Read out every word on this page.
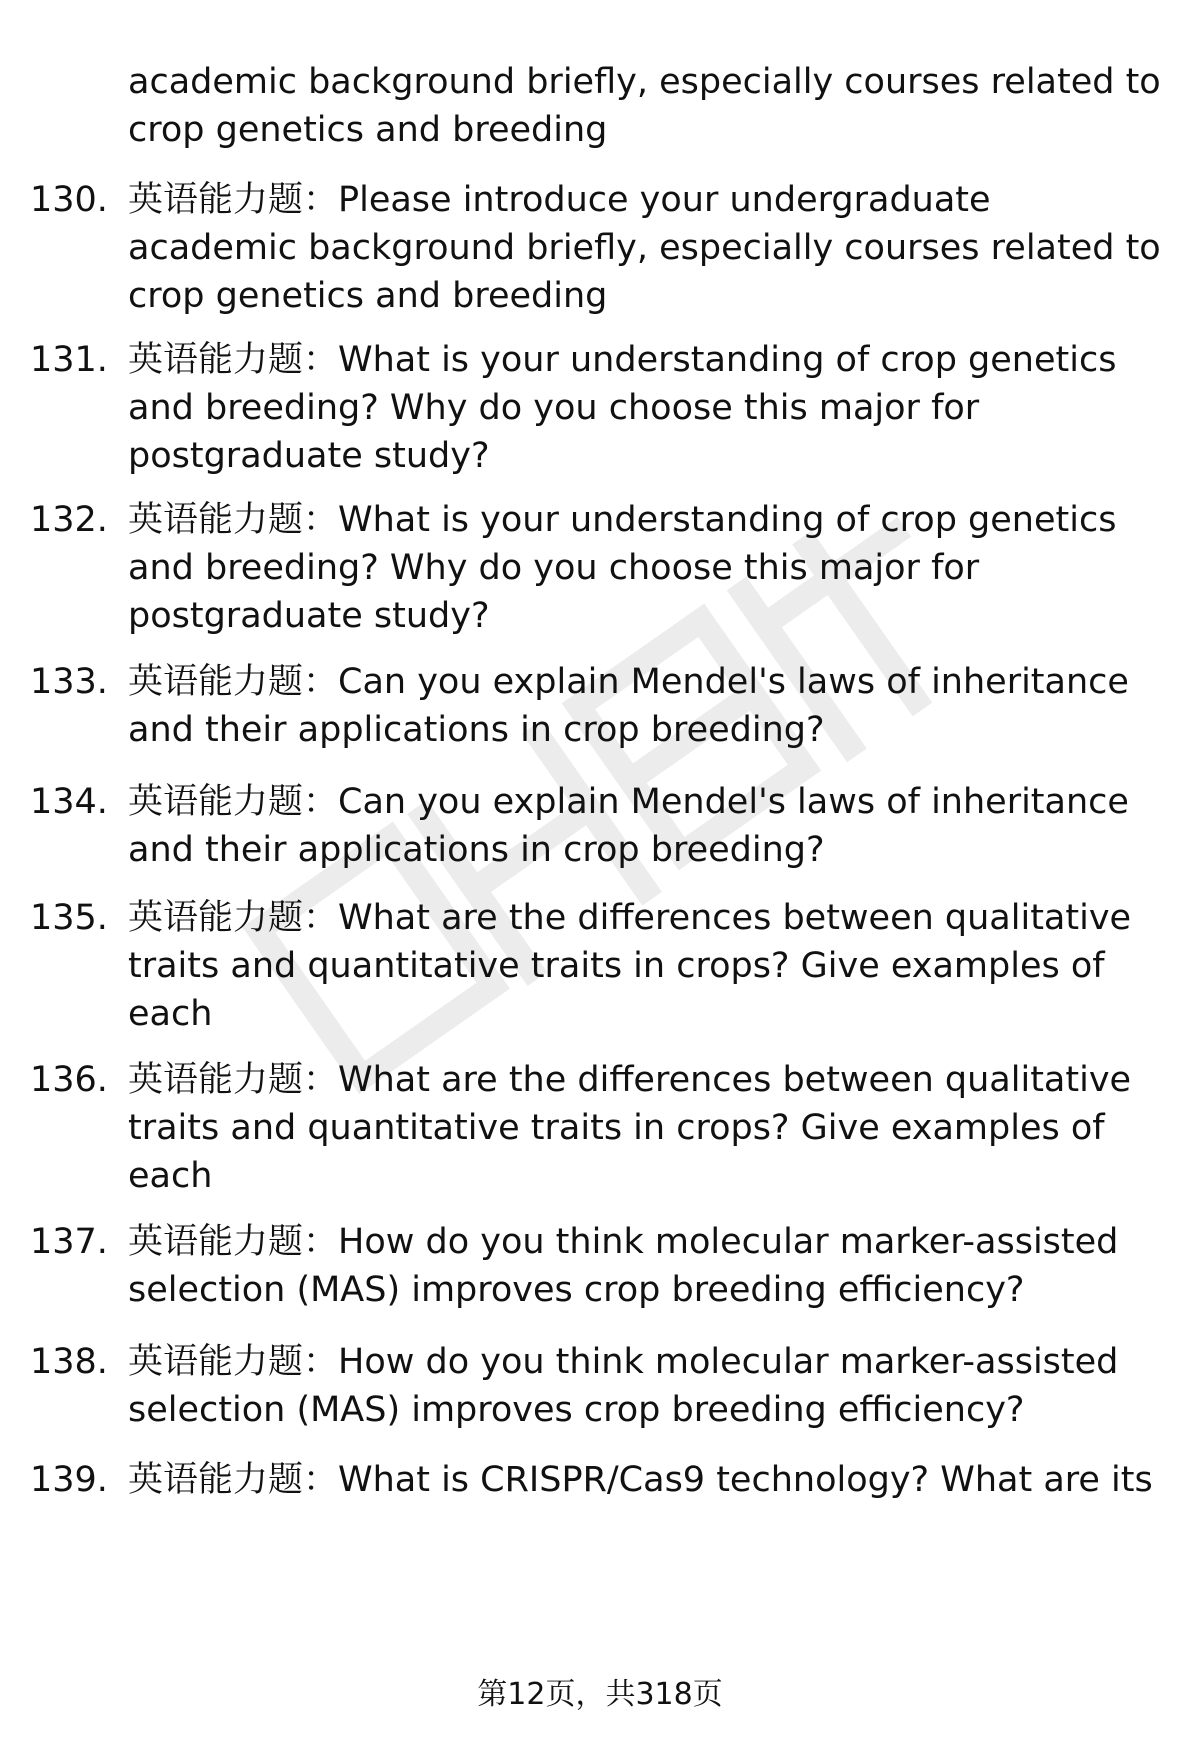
academic background briefly, especially courses related to crop genetics and breeding
130. 英语能力题：Please introduce your undergraduate academic background briefly, especially courses related to crop genetics and breeding
131. 英语能力题：What is your understanding of crop genetics and breeding? Why do you choose this major for postgraduate study?
132. 英语能力题：What is your understanding of crop genetics and breeding? Why do you choose this major for postgraduate study?
133. 英语能力题：Can you explain Mendel's laws of inheritance and their applications in crop breeding?
134. 英语能力题：Can you explain Mendel's laws of inheritance and their applications in crop breeding?
135. 英语能力题：What are the differences between qualitative traits and quantitative traits in crops? Give examples of each
136. 英语能力题：What are the differences between qualitative traits and quantitative traits in crops? Give examples of each
137. 英语能力题：How do you think molecular marker-assisted selection (MAS) improves crop breeding efficiency?
138. 英语能力题：How do you think molecular marker-assisted selection (MAS) improves crop breeding efficiency?
139. 英语能力题：What is CRISPR/Cas9 technology? What are its
第12页，共318页
